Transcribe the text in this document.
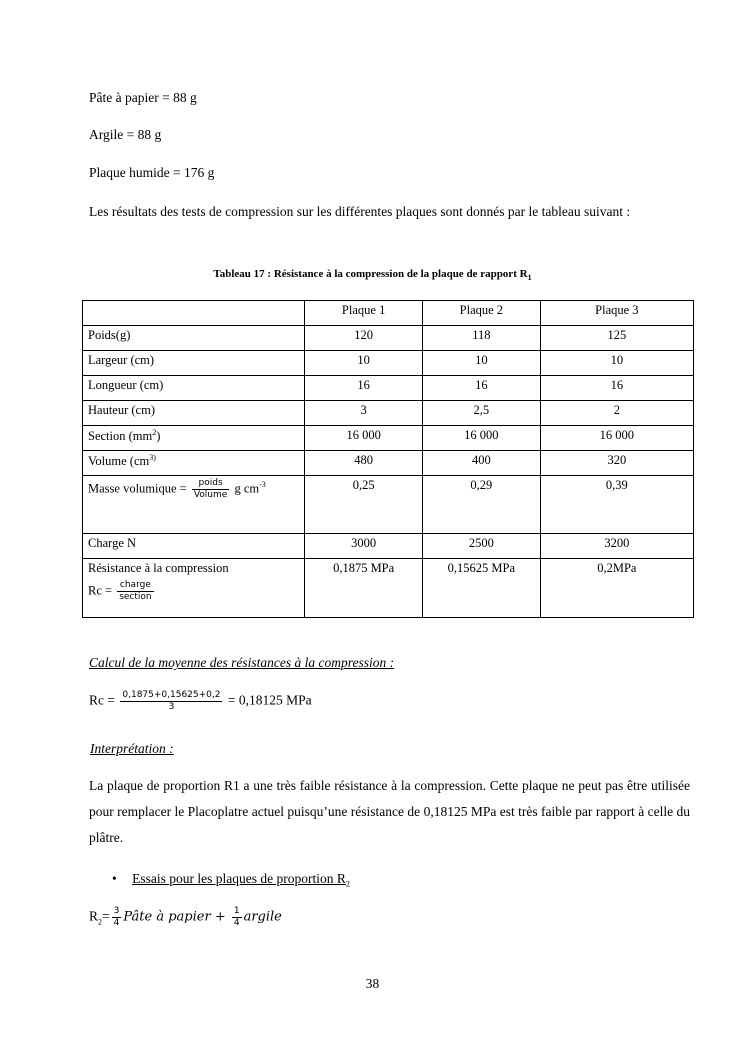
Pâte à papier = 88 g
Argile = 88 g
Plaque humide = 176 g
Les résultats des tests de compression sur les différentes plaques sont donnés par le tableau suivant :
Tableau 17 : Résistance à la compression de la plaque de rapport $R_1$
	Plaque 1	Plaque 2	Plaque 3
Poids(g)	120	118	125
Largeur (cm)	10	10	10
Longueur (cm)	16	16	16
Hauteur (cm)	3	2,5	2
Section $(mm^2)$	16 000	16 000	16 000
Volume ($cm^{3)}$	480	400	320
Masse volumique = $\frac{\text{poids}}{\text{Volume}}$ g $cm^{-3}$	0,25	0,29	0,39
Charge N	3000	2500	3200

Résistance à la compression
$Rc = \frac{\text{charge}}{\text{section}}$	0,1875 MPa	0,15625 MPa	0,2MPa
Calcul de la moyenne des résistances à la compression :
$Rc = \frac{0,1875+0,15625+0,2}{3} = 0,18125$ MPa
Interprétation :
La plaque de proportion R1 a une très faible résistance à la compression. Cette plaque ne peut pas être utilisée pour remplacer le Placoplatre actuel puisqu’une résistance de 0,18125 MPa est très faible par rapport à celle du plâtre.
• Essais pour les plaques de proportion $R_2$
$R_2= \frac{3}{4}$ Pâte à papier + $\frac{1}{4}$ argile
38
